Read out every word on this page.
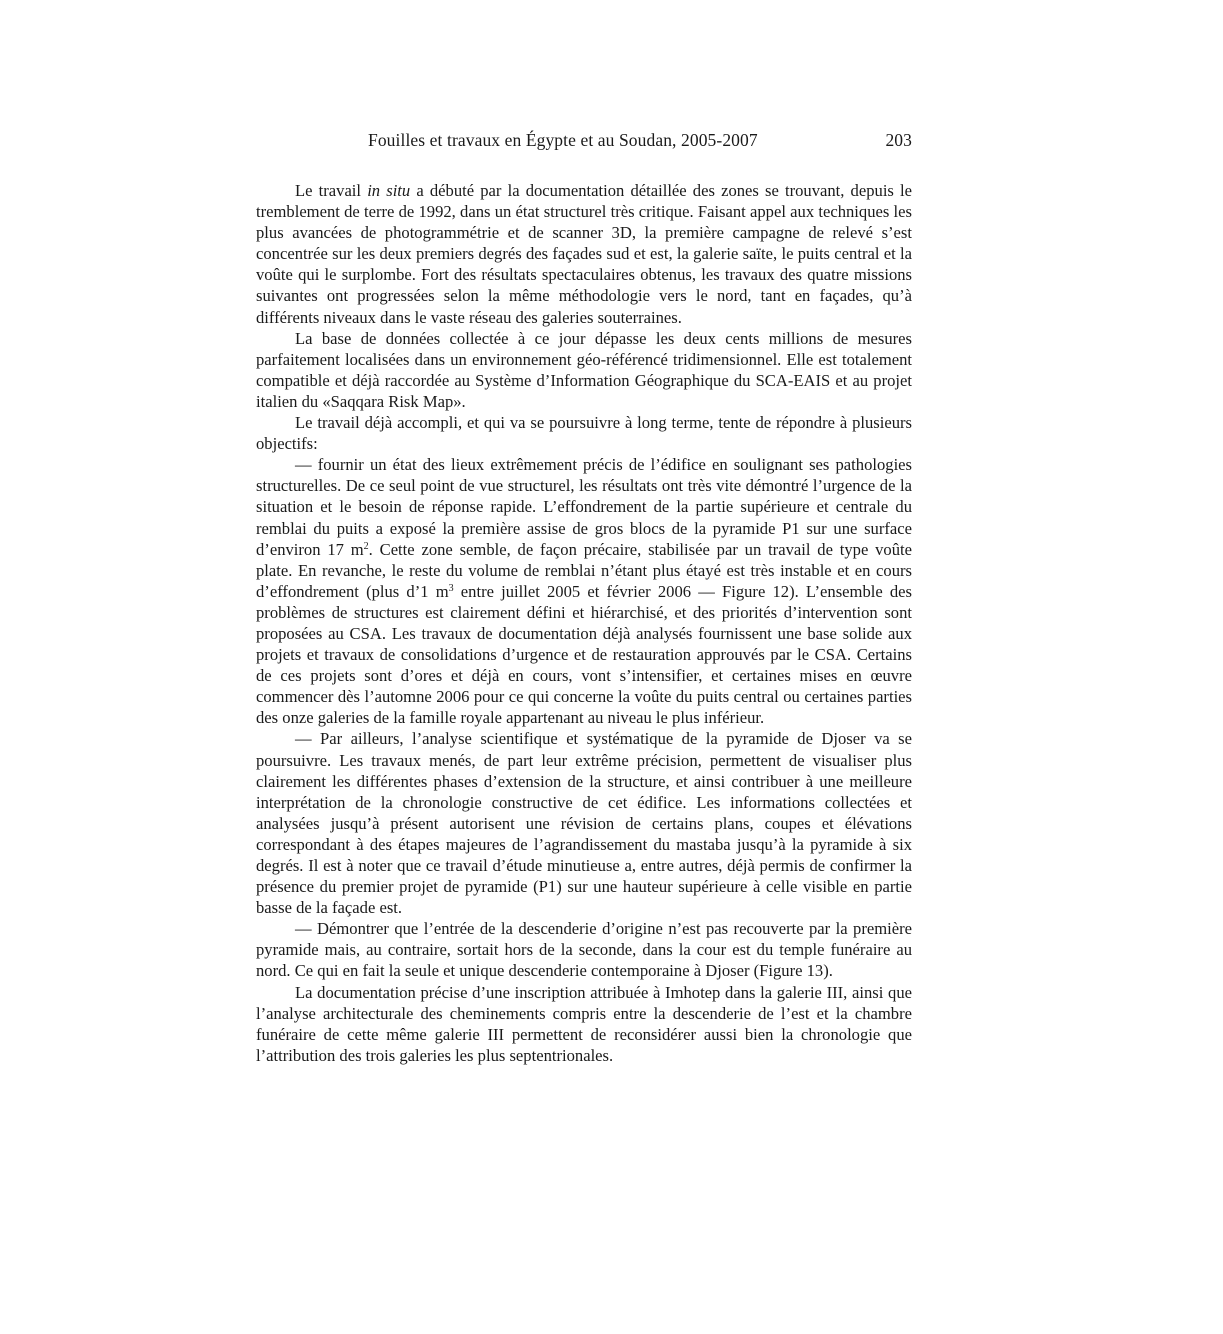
Fouilles et travaux en Égypte et au Soudan, 2005-2007	203

Le travail in situ a débuté par la documentation détaillée des zones se trouvant, depuis le tremblement de terre de 1992, dans un état structurel très critique. Faisant appel aux techniques les plus avancées de photogrammétrie et de scanner 3D, la première campagne de relevé s’est concentrée sur les deux premiers degrés des façades sud et est, la galerie saïte, le puits central et la voûte qui le surplombe. Fort des résultats spectaculaires obtenus, les travaux des quatre missions suivantes ont progressées selon la même méthodologie vers le nord, tant en façades, qu’à différents niveaux dans le vaste réseau des galeries souterraines.

La base de données collectée à ce jour dépasse les deux cents millions de mesures parfaitement localisées dans un environnement géo-référencé tridimensionnel. Elle est totalement compatible et déjà raccordée au Système d’Information Géographique du SCA-EAIS et au projet italien du «Saqqara Risk Map».

Le travail déjà accompli, et qui va se poursuivre à long terme, tente de répondre à plusieurs objectifs:

— fournir un état des lieux extrêmement précis de l’édifice en soulignant ses pathologies structurelles. De ce seul point de vue structurel, les résultats ont très vite démontré l’urgence de la situation et le besoin de réponse rapide. L’effondrement de la partie supérieure et centrale du remblai du puits a exposé la première assise de gros blocs de la pyramide P1 sur une surface d’environ 17 $m^2$. Cette zone semble, de façon précaire, stabilisée par un travail de type voûte plate. En revanche, le reste du volume de remblai n’étant plus étayé est très instable et en cours d’effondrement (plus d’1 $m^3$ entre juillet 2005 et février 2006 — Figure 12). L’ensemble des problèmes de structures est clairement défini et hiérarchisé, et des priorités d’intervention sont proposées au CSA. Les travaux de documentation déjà analysés fournissent une base solide aux projets et travaux de consolidations d’urgence et de restauration approuvés par le CSA. Certains de ces projets sont d’ores et déjà en cours, vont s’intensifier, et certaines mises en œuvre commencer dès l’automne 2006 pour ce qui concerne la voûte du puits central ou certaines parties des onze galeries de la famille royale appartenant au niveau le plus inférieur.

— Par ailleurs, l’analyse scientifique et systématique de la pyramide de Djoser va se poursuivre. Les travaux menés, de part leur extrême précision, permettent de visualiser plus clairement les différentes phases d’extension de la structure, et ainsi contribuer à une meilleure interprétation de la chronologie constructive de cet édifice. Les informations collectées et analysées jusqu’à présent autorisent une révision de certains plans, coupes et élévations correspondant à des étapes majeures de l’agrandissement du mastaba jusqu’à la pyramide à six degrés. Il est à noter que ce travail d’étude minutieuse a, entre autres, déjà permis de confirmer la présence du premier projet de pyramide (P1) sur une hauteur supérieure à celle visible en partie basse de la façade est.

— Démontrer que l’entrée de la descenderie d’origine n’est pas recouverte par la première pyramide mais, au contraire, sortait hors de la seconde, dans la cour est du temple funéraire au nord. Ce qui en fait la seule et unique descenderie contemporaine à Djoser (Figure 13).

La documentation précise d’une inscription attribuée à Imhotep dans la galerie III, ainsi que l’analyse architecturale des cheminements compris entre la descenderie de l’est et la chambre funéraire de cette même galerie III permettent de reconsidérer aussi bien la chronologie que l’attribution des trois galeries les plus septentrionales.
